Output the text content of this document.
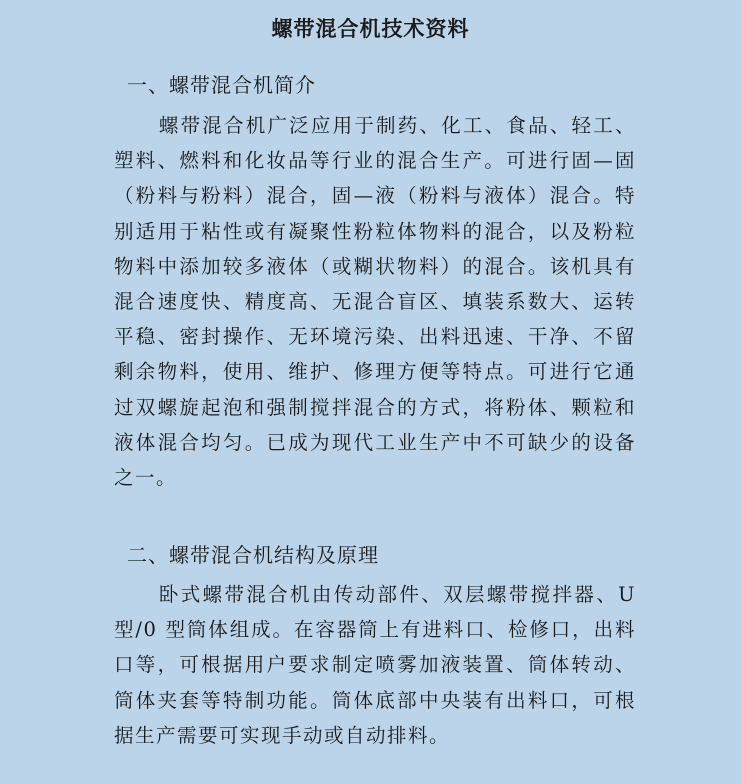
螺带混合机技术资料
一、螺带混合机简介

螺带混合机广泛应用于制药、化工、食品、轻工、塑料、燃料和化妆品等行业的混合生产。可进行固—固（粉料与粉料）混合，固—液（粉料与液体）混合。特别适用于粘性或有凝聚性粉粒体物料的混合，以及粉粒物料中添加较多液体（或糊状物料）的混合。该机具有混合速度快、精度高、无混合盲区、填装系数大、运转平稳、密封操作、无环境污染、出料迅速、干净、不留剩余物料，使用、维护、修理方便等特点。可进行它通过双螺旋起泡和强制搅拌混合的方式，将粉体、颗粒和液体混合均匀。已成为现代工业生产中不可缺少的设备之一。

二、螺带混合机结构及原理

卧式螺带混合机由传动部件、双层螺带搅拌器、U型/0 型筒体组成。在容器筒上有进料口、检修口，出料口等，可根据用户要求制定喷雾加液装置、筒体转动、筒体夹套等特制功能。筒体底部中央装有出料口，可根据生产需要可实现手动或自动排料。
